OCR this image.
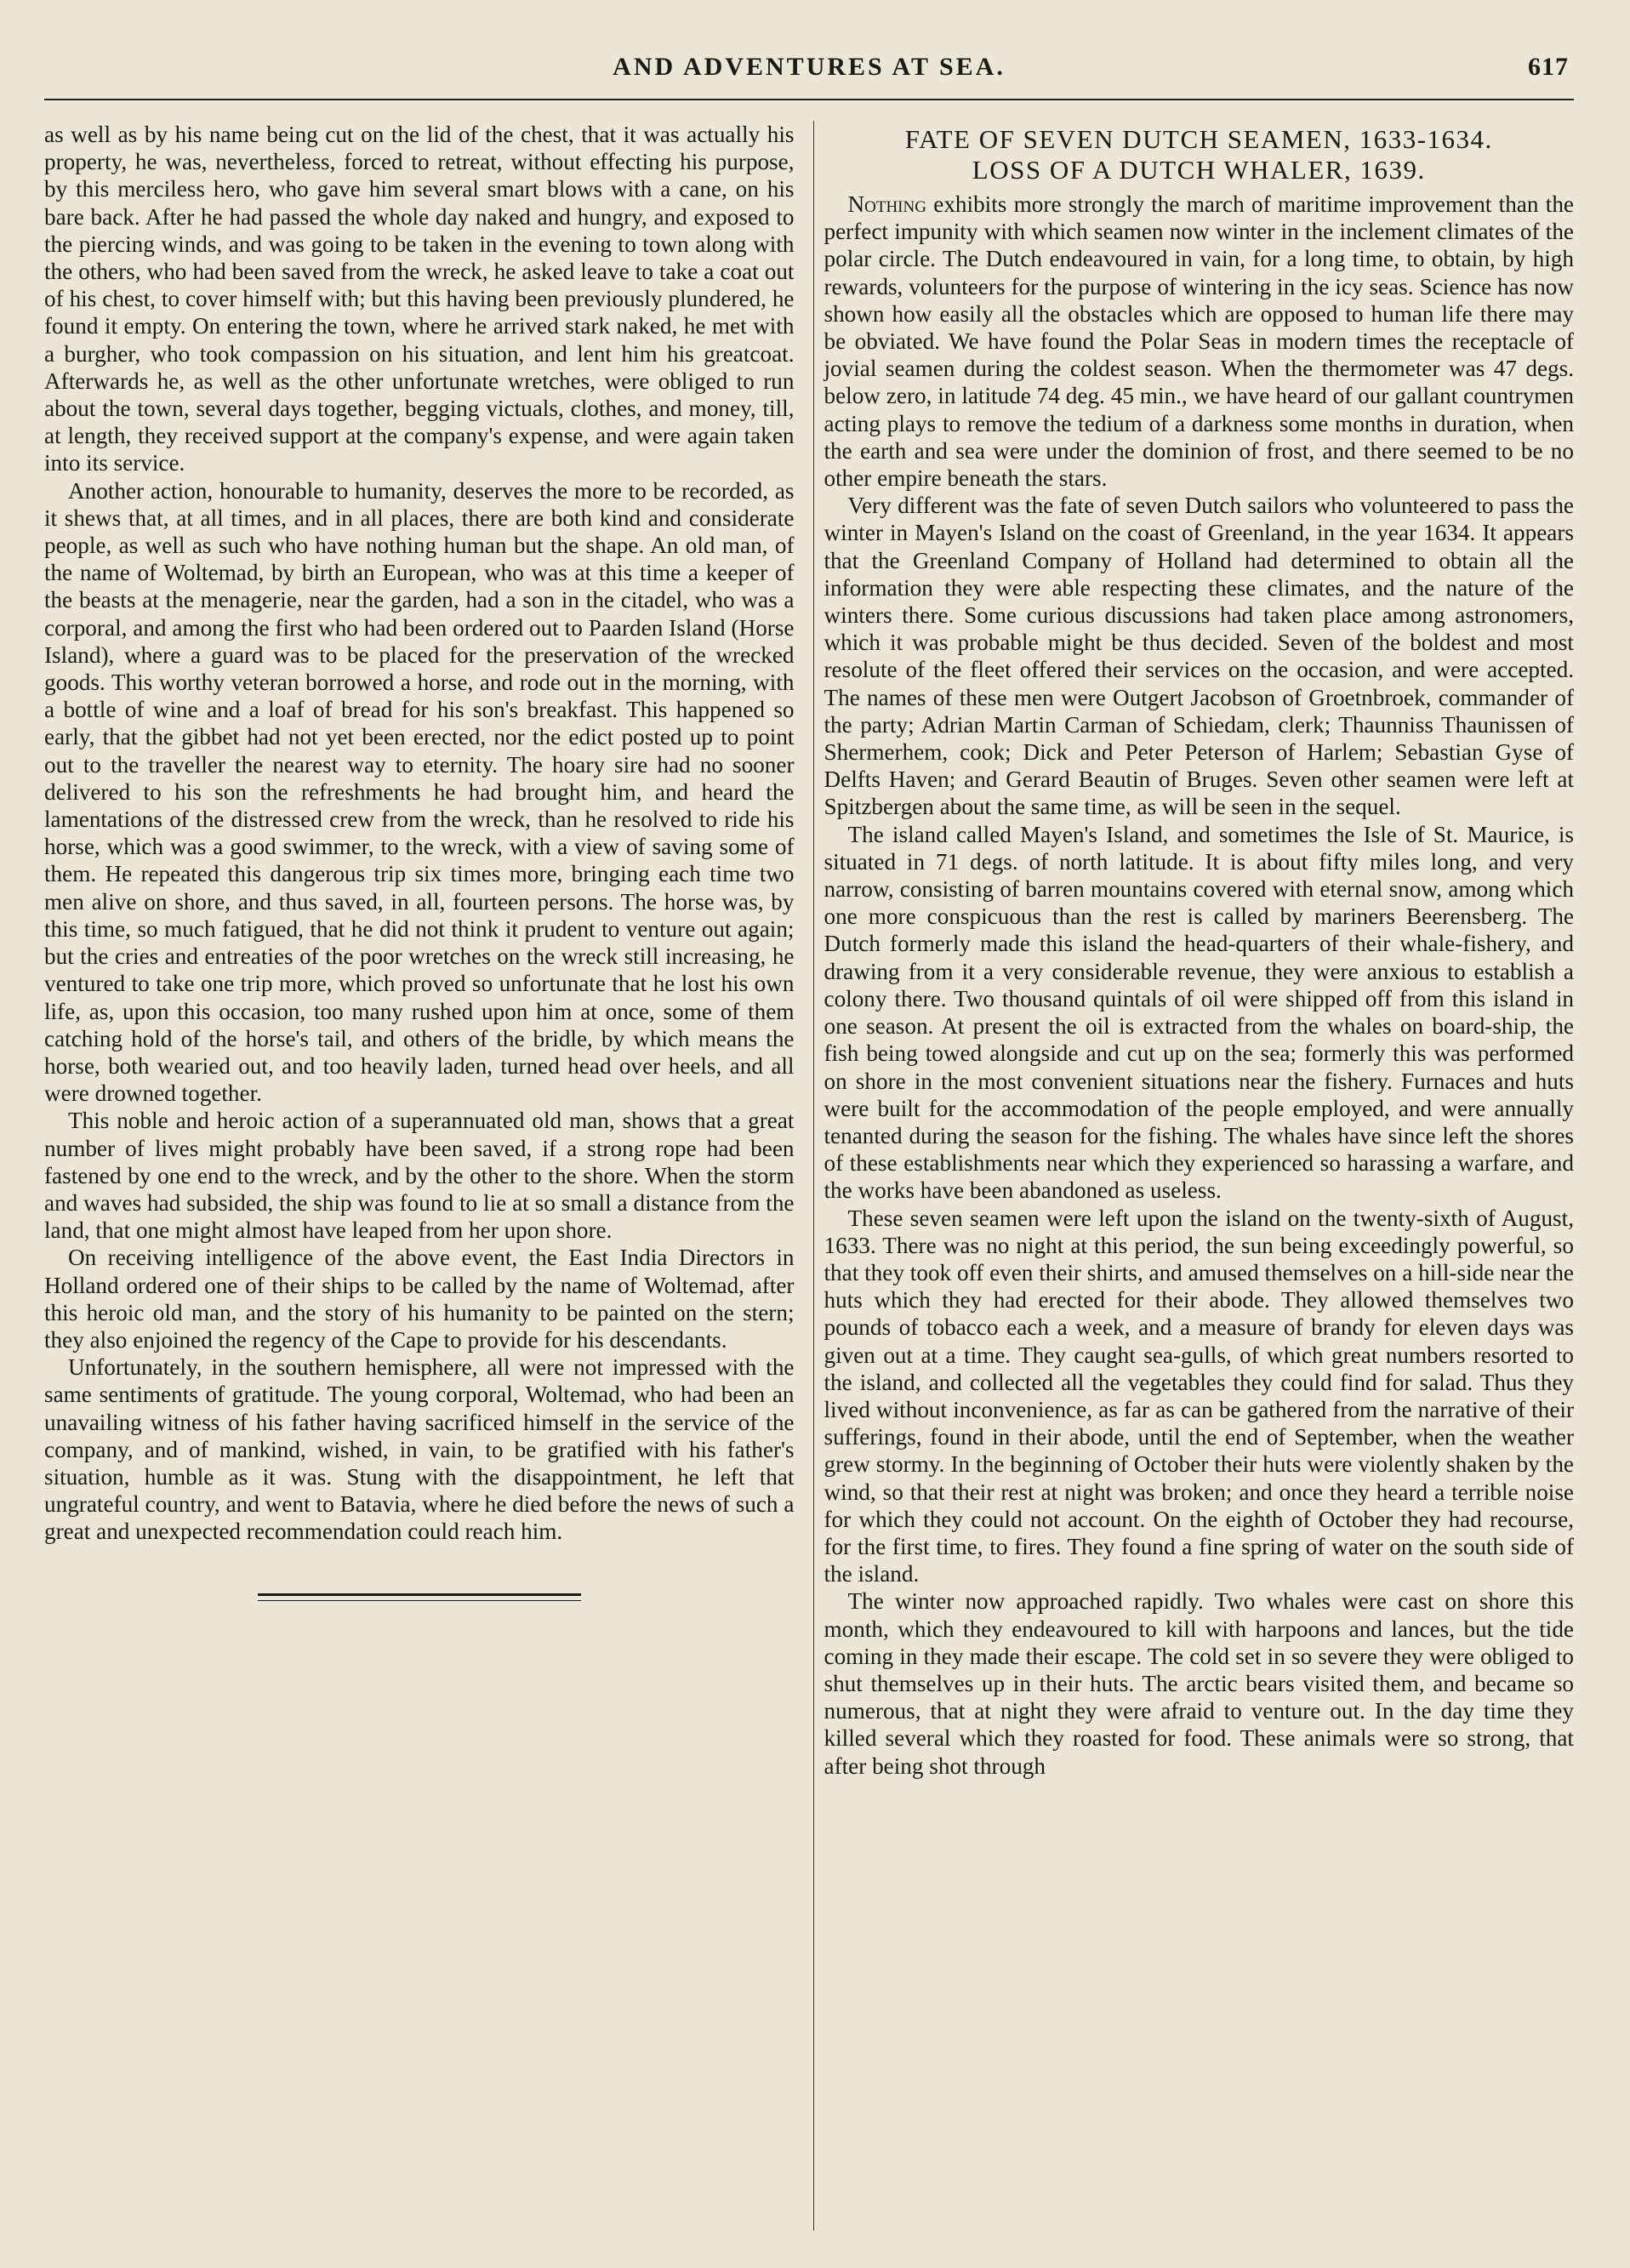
AND ADVENTURES AT SEA.	617

as well as by his name being cut on the lid of the chest, that it was actually his property, he was, nevertheless, forced to retreat, without effecting his purpose, by this merciless hero, who gave him several smart blows with a cane, on his bare back. After he had passed the whole day naked and hungry, and exposed to the piercing winds, and was going to be taken in the evening to town along with the others, who had been saved from the wreck, he asked leave to take a coat out of his chest, to cover himself with; but this having been previously plundered, he found it empty. On entering the town, where he arrived stark naked, he met with a burgher, who took compassion on his situation, and lent him his greatcoat. Afterwards he, as well as the other unfortunate wretches, were obliged to run about the town, several days together, begging victuals, clothes, and money, till, at length, they received support at the company's expense, and were again taken into its service.

Another action, honourable to humanity, deserves the more to be recorded, as it shews that, at all times, and in all places, there are both kind and considerate people, as well as such who have nothing human but the shape. An old man, of the name of Woltemad, by birth an European, who was at this time a keeper of the beasts at the menagerie, near the garden, had a son in the citadel, who was a corporal, and among the first who had been ordered out to Paarden Island (Horse Island), where a guard was to be placed for the preservation of the wrecked goods. This worthy veteran borrowed a horse, and rode out in the morning, with a bottle of wine and a loaf of bread for his son's breakfast. This happened so early, that the gibbet had not yet been erected, nor the edict posted up to point out to the traveller the nearest way to eternity. The hoary sire had no sooner delivered to his son the refreshments he had brought him, and heard the lamentations of the distressed crew from the wreck, than he resolved to ride his horse, which was a good swimmer, to the wreck, with a view of saving some of them. He repeated this dangerous trip six times more, bringing each time two men alive on shore, and thus saved, in all, fourteen persons. The horse was, by this time, so much fatigued, that he did not think it prudent to venture out again; but the cries and entreaties of the poor wretches on the wreck still increasing, he ventured to take one trip more, which proved so unfortunate that he lost his own life, as, upon this occasion, too many rushed upon him at once, some of them catching hold of the horse's tail, and others of the bridle, by which means the horse, both wearied out, and too heavily laden, turned head over heels, and all were drowned together.

This noble and heroic action of a superannuated old man, shows that a great number of lives might probably have been saved, if a strong rope had been fastened by one end to the wreck, and by the other to the shore. When the storm and waves had subsided, the ship was found to lie at so small a distance from the land, that one might almost have leaped from her upon shore.

On receiving intelligence of the above event, the East India Directors in Holland ordered one of their ships to be called by the name of Woltemad, after this heroic old man, and the story of his humanity to be painted on the stern; they also enjoined the regency of the Cape to provide for his descendants.

Unfortunately, in the southern hemisphere, all were not impressed with the same sentiments of gratitude. The young corporal, Woltemad, who had been an unavailing witness of his father having sacrificed himself in the service of the company, and of mankind, wished, in vain, to be gratified with his father's situation, humble as it was. Stung with the disappointment, he left that ungrateful country, and went to Batavia, where he died before the news of such a great and unexpected recommendation could reach him.

FATE OF SEVEN DUTCH SEAMEN, 1633-1634.
LOSS OF A DUTCH WHALER, 1639.

Nothing exhibits more strongly the march of maritime improvement than the perfect impunity with which seamen now winter in the inclement climates of the polar circle. The Dutch endeavoured in vain, for a long time, to obtain, by high rewards, volunteers for the purpose of wintering in the icy seas. Science has now shown how easily all the obstacles which are opposed to human life there may be obviated. We have found the Polar Seas in modern times the receptacle of jovial seamen during the coldest season. When the thermometer was 47 degs. below zero, in latitude 74 deg. 45 min., we have heard of our gallant countrymen acting plays to remove the tedium of a darkness some months in duration, when the earth and sea were under the dominion of frost, and there seemed to be no other empire beneath the stars.

Very different was the fate of seven Dutch sailors who volunteered to pass the winter in Mayen's Island on the coast of Greenland, in the year 1634. It appears that the Greenland Company of Holland had determined to obtain all the information they were able respecting these climates, and the nature of the winters there. Some curious discussions had taken place among astronomers, which it was probable might be thus decided. Seven of the boldest and most resolute of the fleet offered their services on the occasion, and were accepted. The names of these men were Outgert Jacobson of Groetnbroek, commander of the party; Adrian Martin Carman of Schiedam, clerk; Thaunniss Thaunissen of Shermerhem, cook; Dick and Peter Peterson of Harlem; Sebastian Gyse of Delfts Haven; and Gerard Beautin of Bruges. Seven other seamen were left at Spitzbergen about the same time, as will be seen in the sequel.

The island called Mayen's Island, and sometimes the Isle of St. Maurice, is situated in 71 degs. of north latitude. It is about fifty miles long, and very narrow, consisting of barren mountains covered with eternal snow, among which one more conspicuous than the rest is called by mariners Beerensberg. The Dutch formerly made this island the head-quarters of their whale-fishery, and drawing from it a very considerable revenue, they were anxious to establish a colony there. Two thousand quintals of oil were shipped off from this island in one season. At present the oil is extracted from the whales on board-ship, the fish being towed alongside and cut up on the sea; formerly this was performed on shore in the most convenient situations near the fishery. Furnaces and huts were built for the accommodation of the people employed, and were annually tenanted during the season for the fishing. The whales have since left the shores of these establishments near which they experienced so harassing a warfare, and the works have been abandoned as useless.

These seven seamen were left upon the island on the twenty-sixth of August, 1633. There was no night at this period, the sun being exceedingly powerful, so that they took off even their shirts, and amused themselves on a hill-side near the huts which they had erected for their abode. They allowed themselves two pounds of tobacco each a week, and a measure of brandy for eleven days was given out at a time. They caught sea-gulls, of which great numbers resorted to the island, and collected all the vegetables they could find for salad. Thus they lived without inconvenience, as far as can be gathered from the narrative of their sufferings, found in their abode, until the end of September, when the weather grew stormy. In the beginning of October their huts were violently shaken by the wind, so that their rest at night was broken; and once they heard a terrible noise for which they could not account. On the eighth of October they had recourse, for the first time, to fires. They found a fine spring of water on the south side of the island.

The winter now approached rapidly. Two whales were cast on shore this month, which they endeavoured to kill with harpoons and lances, but the tide coming in they made their escape. The cold set in so severe they were obliged to shut themselves up in their huts. The arctic bears visited them, and became so numerous, that at night they were afraid to venture out. In the day time they killed several which they roasted for food. These animals were so strong, that after being shot through
